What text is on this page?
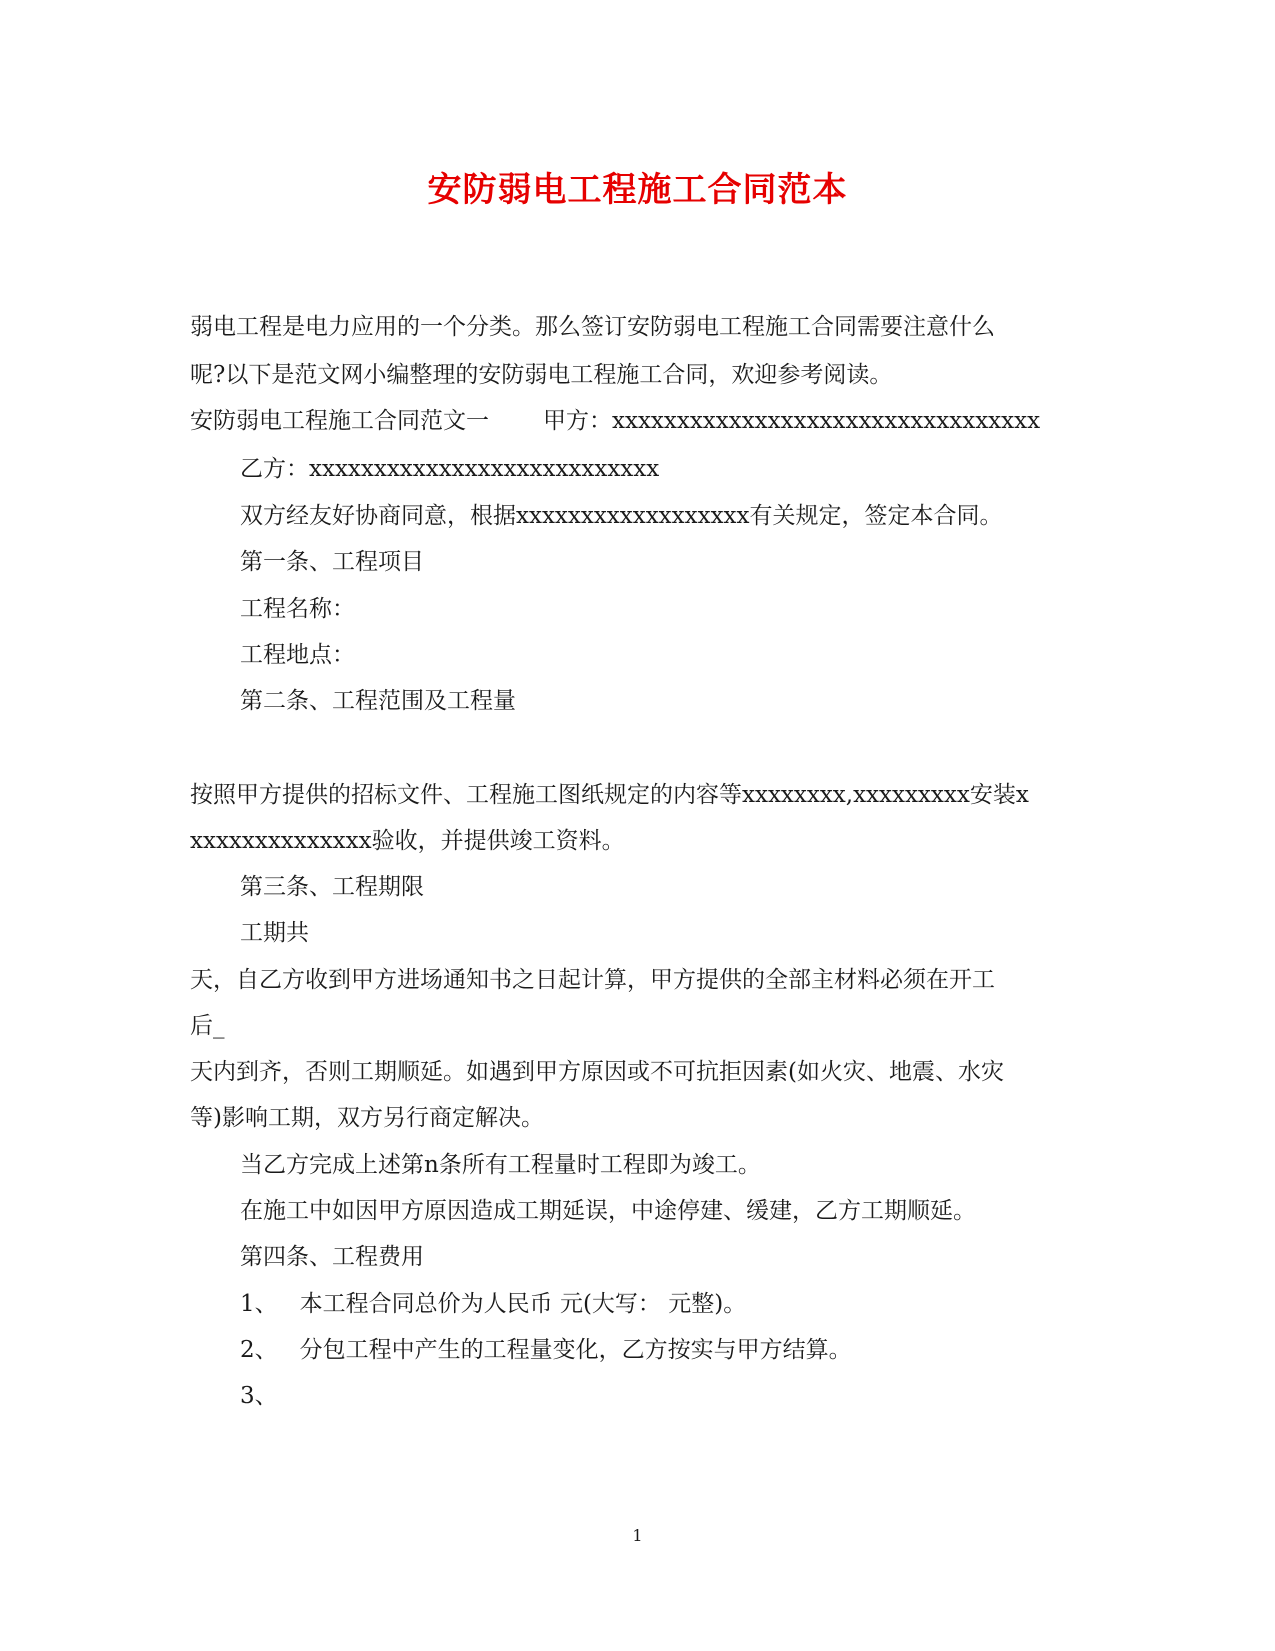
安防弱电工程施工合同范本
弱电工程是电力应用的一个分类。那么签订安防弱电工程施工合同需要注意什么
呢?以下是范文网小编整理的安防弱电工程施工合同，欢迎参考阅读。
安防弱电工程施工合同范文一 甲方：xxxxxxxxxxxxxxxxxxxxxxxxxxxxxxxxx
乙方：xxxxxxxxxxxxxxxxxxxxxxxxxxx
双方经友好协商同意，根据xxxxxxxxxxxxxxxxxx有关规定，签定本合同。
第一条、工程项目
工程名称：
工程地点：
第二条、工程范围及工程量
按照甲方提供的招标文件、工程施工图纸规定的内容等xxxxxxxx,xxxxxxxxx安装x
xxxxxxxxxxxxxx验收，并提供竣工资料。
第三条、工程期限
工期共
天，自乙方收到甲方进场通知书之日起计算，甲方提供的全部主材料必须在开工
后_
天内到齐，否则工期顺延。如遇到甲方原因或不可抗拒因素(如火灾、地震、水灾
等)影响工期，双方另行商定解决。
当乙方完成上述第n条所有工程量时工程即为竣工。
在施工中如因甲方原因造成工期延误，中途停建、缓建，乙方工期顺延。
第四条、工程费用
1、 本工程合同总价为人民币 元(大写： 元整)。
2、 分包工程中产生的工程量变化，乙方按实与甲方结算。
3、
1
